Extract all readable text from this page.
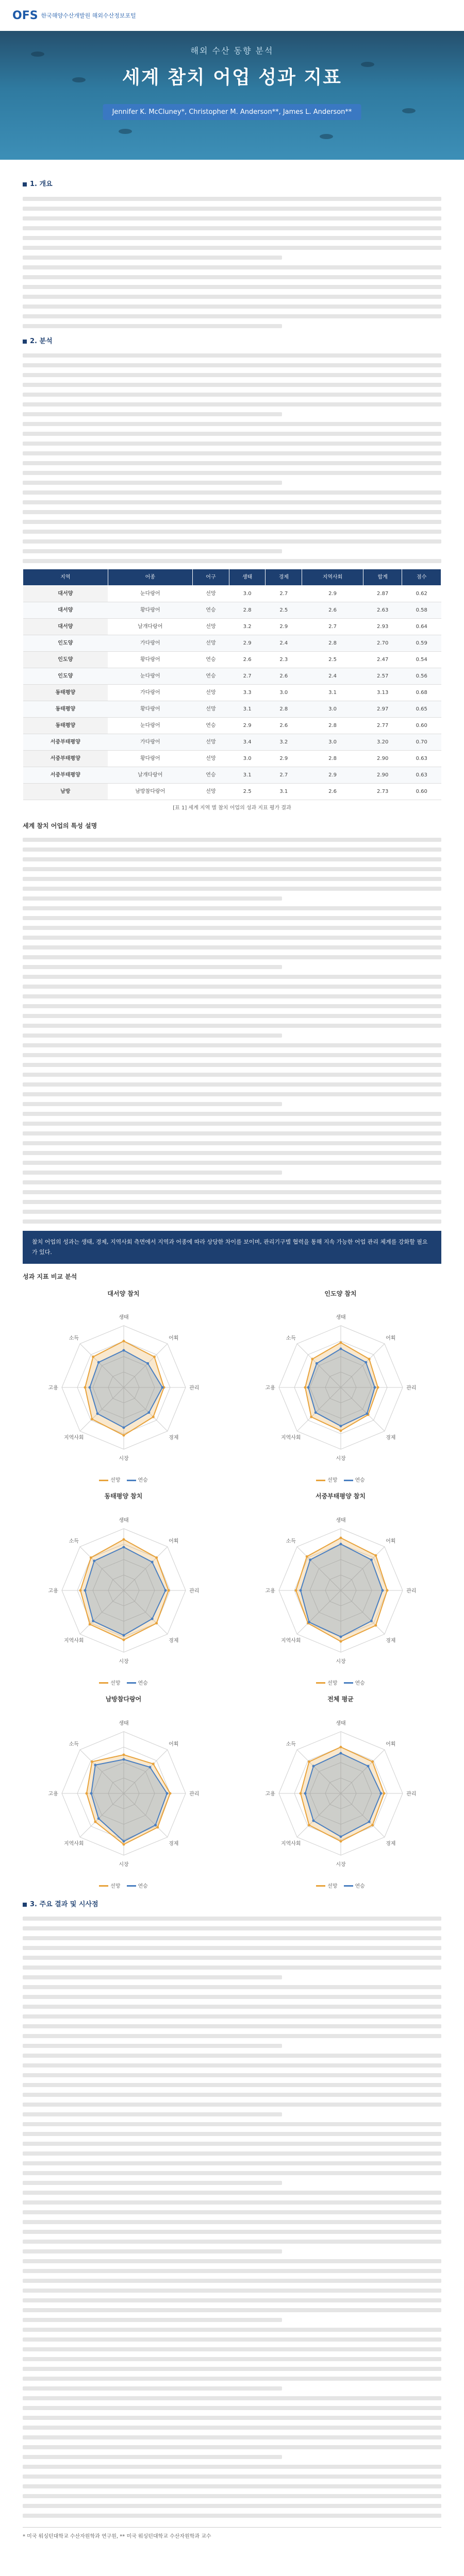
OFS 한국해양수산개발원 해외수산정보포털
해외 수산 동향 분석
세계 참치 어업 성과 지표
Jennifer K. McCluney*, Christopher M. Anderson**, James L. Anderson**
1. 개요
2. 분석
지역	어종	어구	생태	경제	지역사회	합계	점수
대서양	눈다랑어	선망	3.0	2.7	2.9	2.87	0.62
대서양	황다랑어	연승	2.8	2.5	2.6	2.63	0.58
대서양	날개다랑어	선망	3.2	2.9	2.7	2.93	0.64
인도양	가다랑어	선망	2.9	2.4	2.8	2.70	0.59
인도양	황다랑어	연승	2.6	2.3	2.5	2.47	0.54
인도양	눈다랑어	연승	2.7	2.6	2.4	2.57	0.56
동태평양	가다랑어	선망	3.3	3.0	3.1	3.13	0.68
동태평양	황다랑어	선망	3.1	2.8	3.0	2.97	0.65
동태평양	눈다랑어	연승	2.9	2.6	2.8	2.77	0.60
서중부태평양	가다랑어	선망	3.4	3.2	3.0	3.20	0.70
서중부태평양	황다랑어	선망	3.0	2.9	2.8	2.90	0.63
서중부태평양	날개다랑어	연승	3.1	2.7	2.9	2.90	0.63
남방	남방참다랑어	선망	2.5	3.1	2.6	2.73	0.60
[표 1] 세계 지역 별 참치 어업의 성과 지표 평가 결과
세계 참치 어업의 특성 설명
참치 어업의 성과는 생태, 경제, 지역사회 측면에서 지역과 어종에 따라 상당한 차이를 보이며, 관리기구별 협력을 통해 지속 가능한 어업 관리 체계를 강화할 필요가 있다.
성과 지표 비교 분석
대서양 참치
생태
어획
관리
경제
시장
지역사회
고용
소득
선망	연승
인도양 참치
생태
어획
관리
경제
시장
지역사회
고용
소득
선망	연승
동태평양 참치
생태
어획
관리
경제
시장
지역사회
고용
소득
선망	연승
서중부태평양 참치
생태
어획
관리
경제
시장
지역사회
고용
소득
선망	연승
남방참다랑어
생태
어획
관리
경제
시장
지역사회
고용
소득
선망	연승
전체 평균
생태
어획
관리
경제
시장
지역사회
고용
소득
선망	연승
3. 주요 결과 및 시사점
* 미국 워싱턴대학교 수산자원학과 연구원, ** 미국 워싱턴대학교 수산자원학과 교수
